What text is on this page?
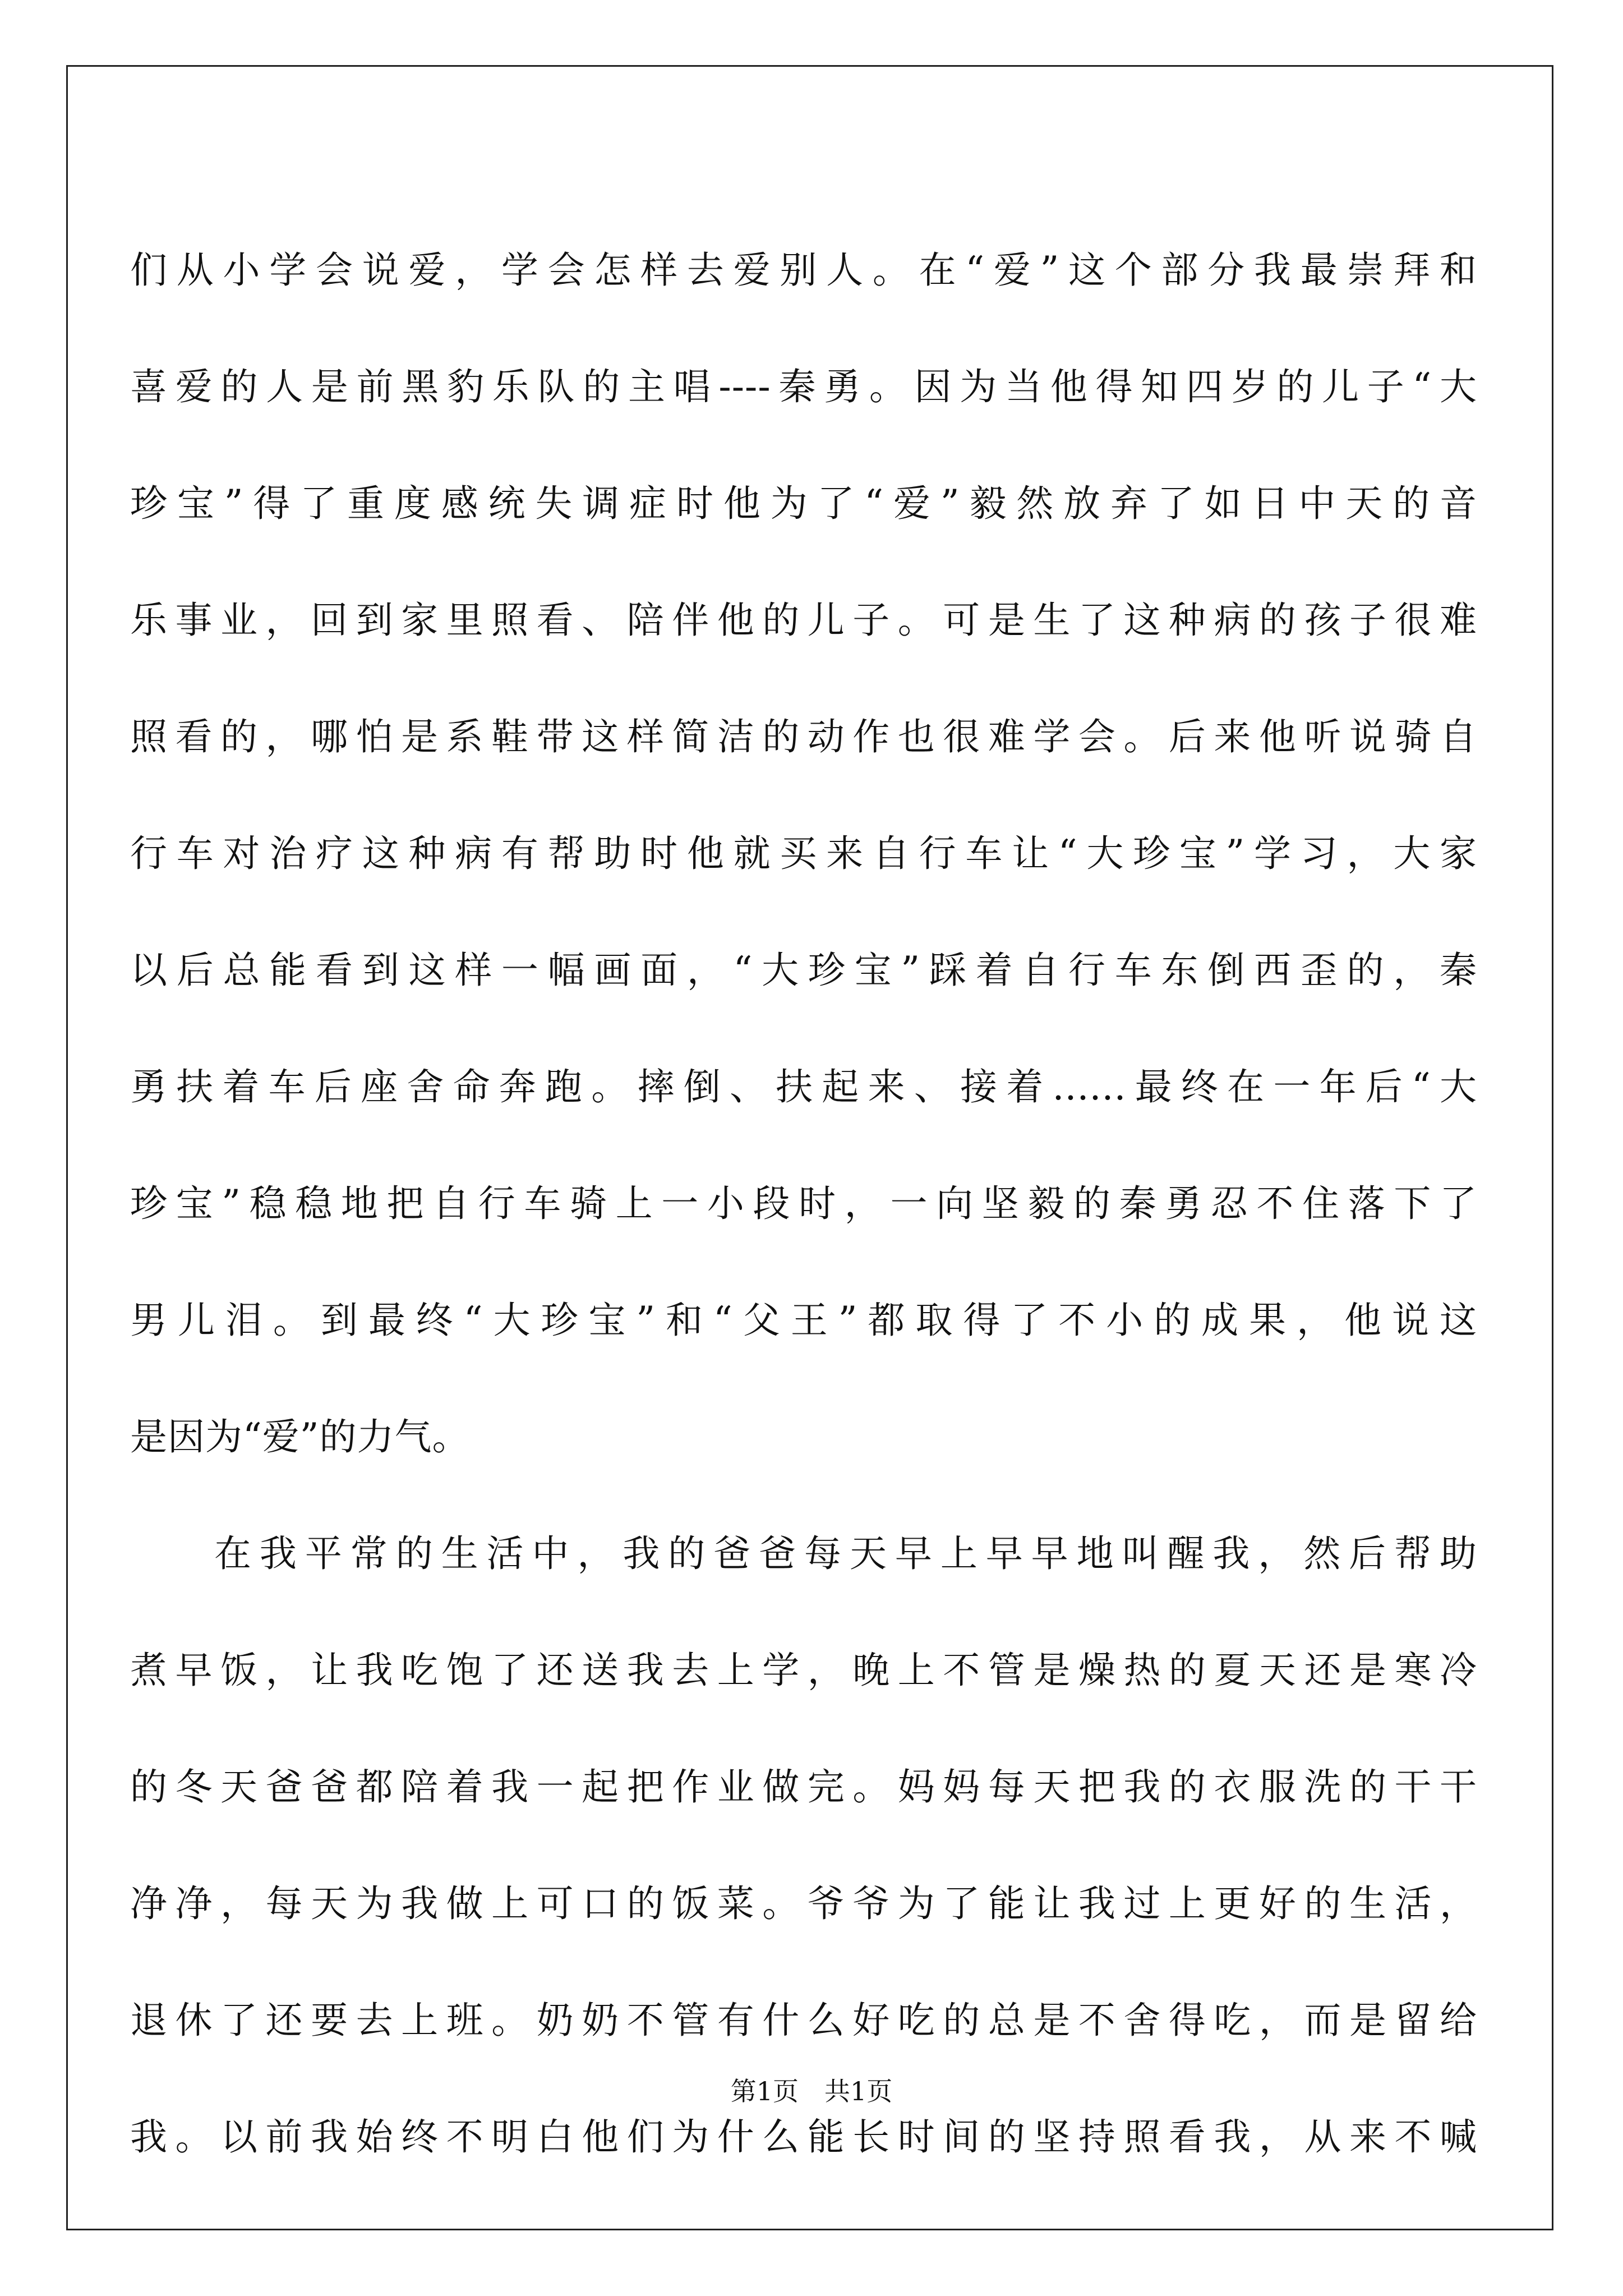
们从小学会说爱，学会怎样去爱别人。在“爱”这个部分我最崇拜和
喜爱的人是前黑豹乐队的主唱----秦勇。因为当他得知四岁的儿子“大
珍宝”得了重度感统失调症时他为了“爱”毅然放弃了如日中天的音
乐事业，回到家里照看、陪伴他的儿子。可是生了这种病的孩子很难
照看的，哪怕是系鞋带这样简洁的动作也很难学会。后来他听说骑自
行车对治疗这种病有帮助时他就买来自行车让“大珍宝”学习，大家
以后总能看到这样一幅画面，“大珍宝”踩着自行车东倒西歪的，秦
勇扶着车后座舍命奔跑。摔倒、扶起来、接着......最终在一年后“大
珍宝”稳稳地把自行车骑上一小段时，一向坚毅的秦勇忍不住落下了
男儿泪。到最终“大珍宝”和“父王”都取得了不小的成果，他说这
是因为“爱”的力气。
在我平常的生活中，我的爸爸每天早上早早地叫醒我，然后帮助
煮早饭，让我吃饱了还送我去上学，晚上不管是燥热的夏天还是寒冷
的冬天爸爸都陪着我一起把作业做完。妈妈每天把我的衣服洗的干干
净净，每天为我做上可口的饭菜。爷爷为了能让我过上更好的生活，
退休了还要去上班。奶奶不管有什么好吃的总是不舍得吃，而是留给
我。以前我始终不明白他们为什么能长时间的坚持照看我，从来不喊
第1页 共1页
